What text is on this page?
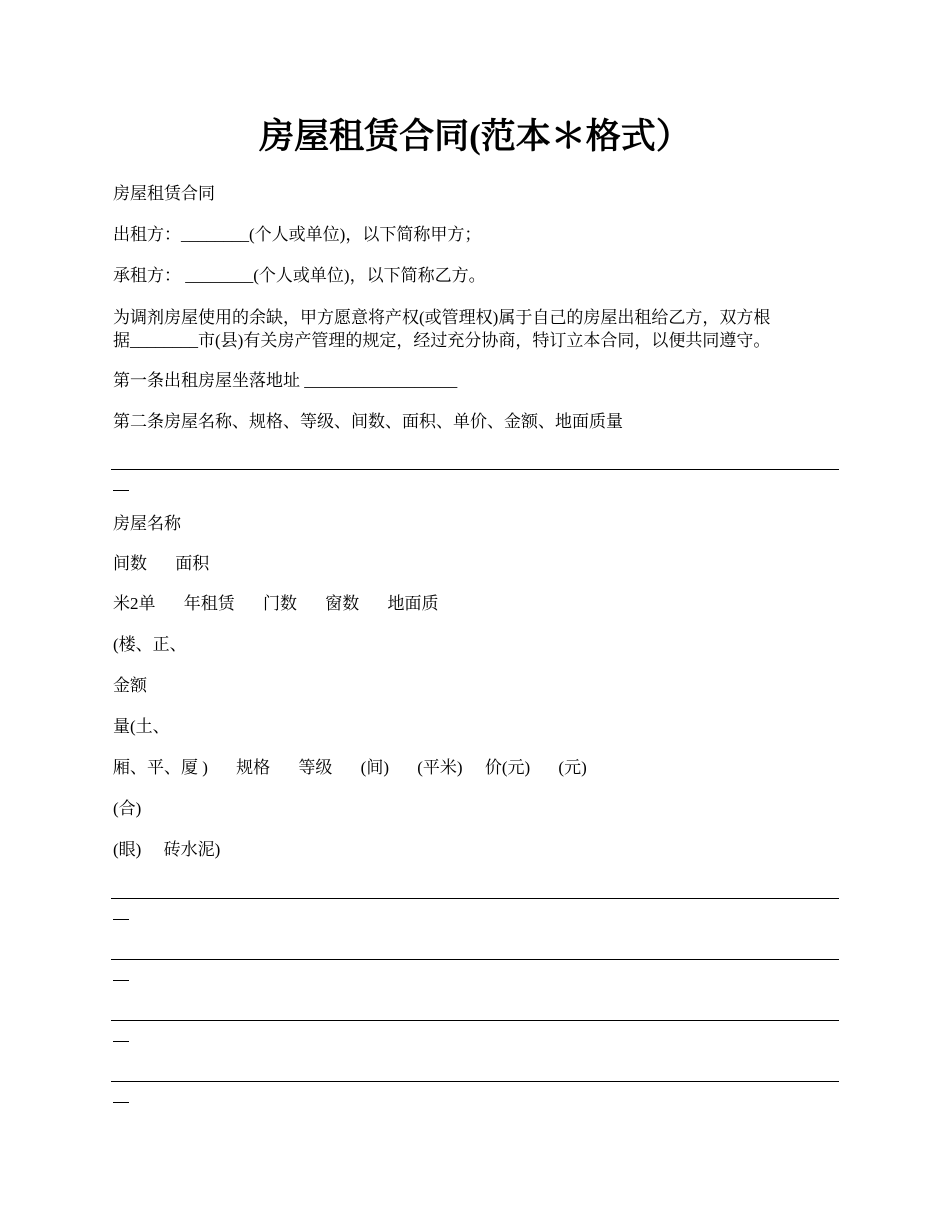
房屋租赁合同(范本＊格式）
房屋租赁合同
出租方：________(个人或单位)，以下简称甲方；
承租方： ________(个人或单位)，以下简称乙方。
为调剂房屋使用的余缺，甲方愿意将产权(或管理权)属于自己的房屋出租给乙方，双方根
据________市(县)有关房产管理的规定，经过充分协商，特订立本合同，以便共同遵守。
第一条出租房屋坐落地址 __________________
第二条房屋名称、规格、等级、间数、面积、单价、金额、地面质量
房屋名称
间数 面积
米2单 年租赁 门数 窗数 地面质
(楼、正、
金额
量(土、
厢、平、厦 ) 规格 等级 (间) (平米) 价(元) (元)
(合)
(眼) 砖水泥)
